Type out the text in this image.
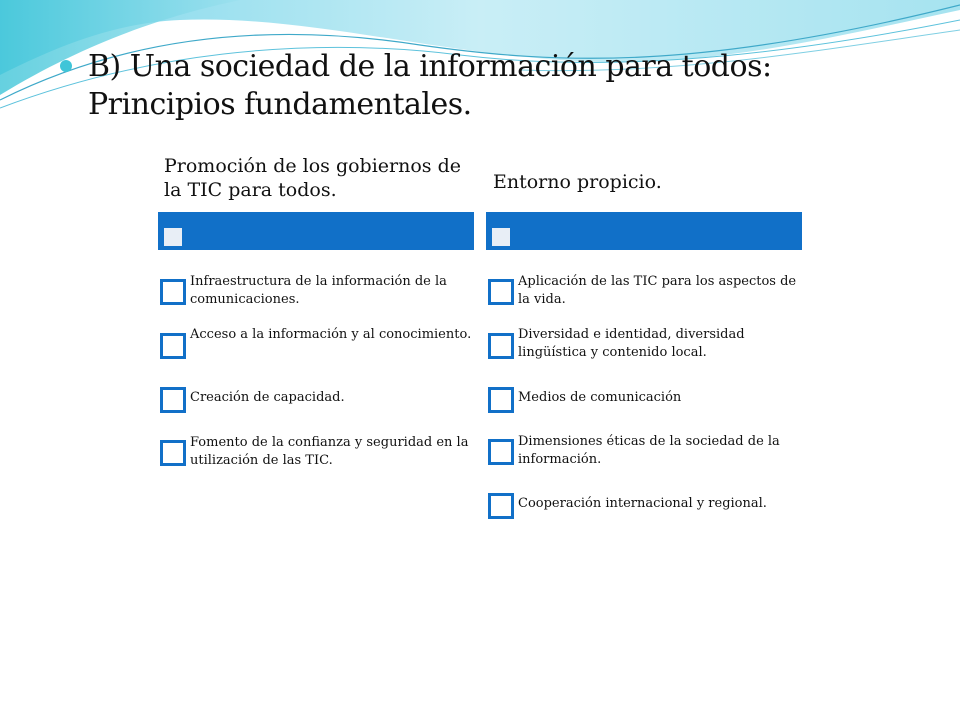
B) Una sociedad de la información para todos: Principios fundamentales.
Promoción de los gobiernos de la TIC para todos.	Entorno propicio.
Infraestructura de la información de la comunicaciones.
Acceso a la información y al conocimiento.
Creación de capacidad.
Fomento de la confianza y seguridad en la utilización de las TIC.
Aplicación de las TIC para los aspectos de la vida.
Diversidad e identidad, diversidad lingüística y contenido local.
Medios de comunicación
Dimensiones éticas de la sociedad de la información.
Cooperación internacional y regional.
